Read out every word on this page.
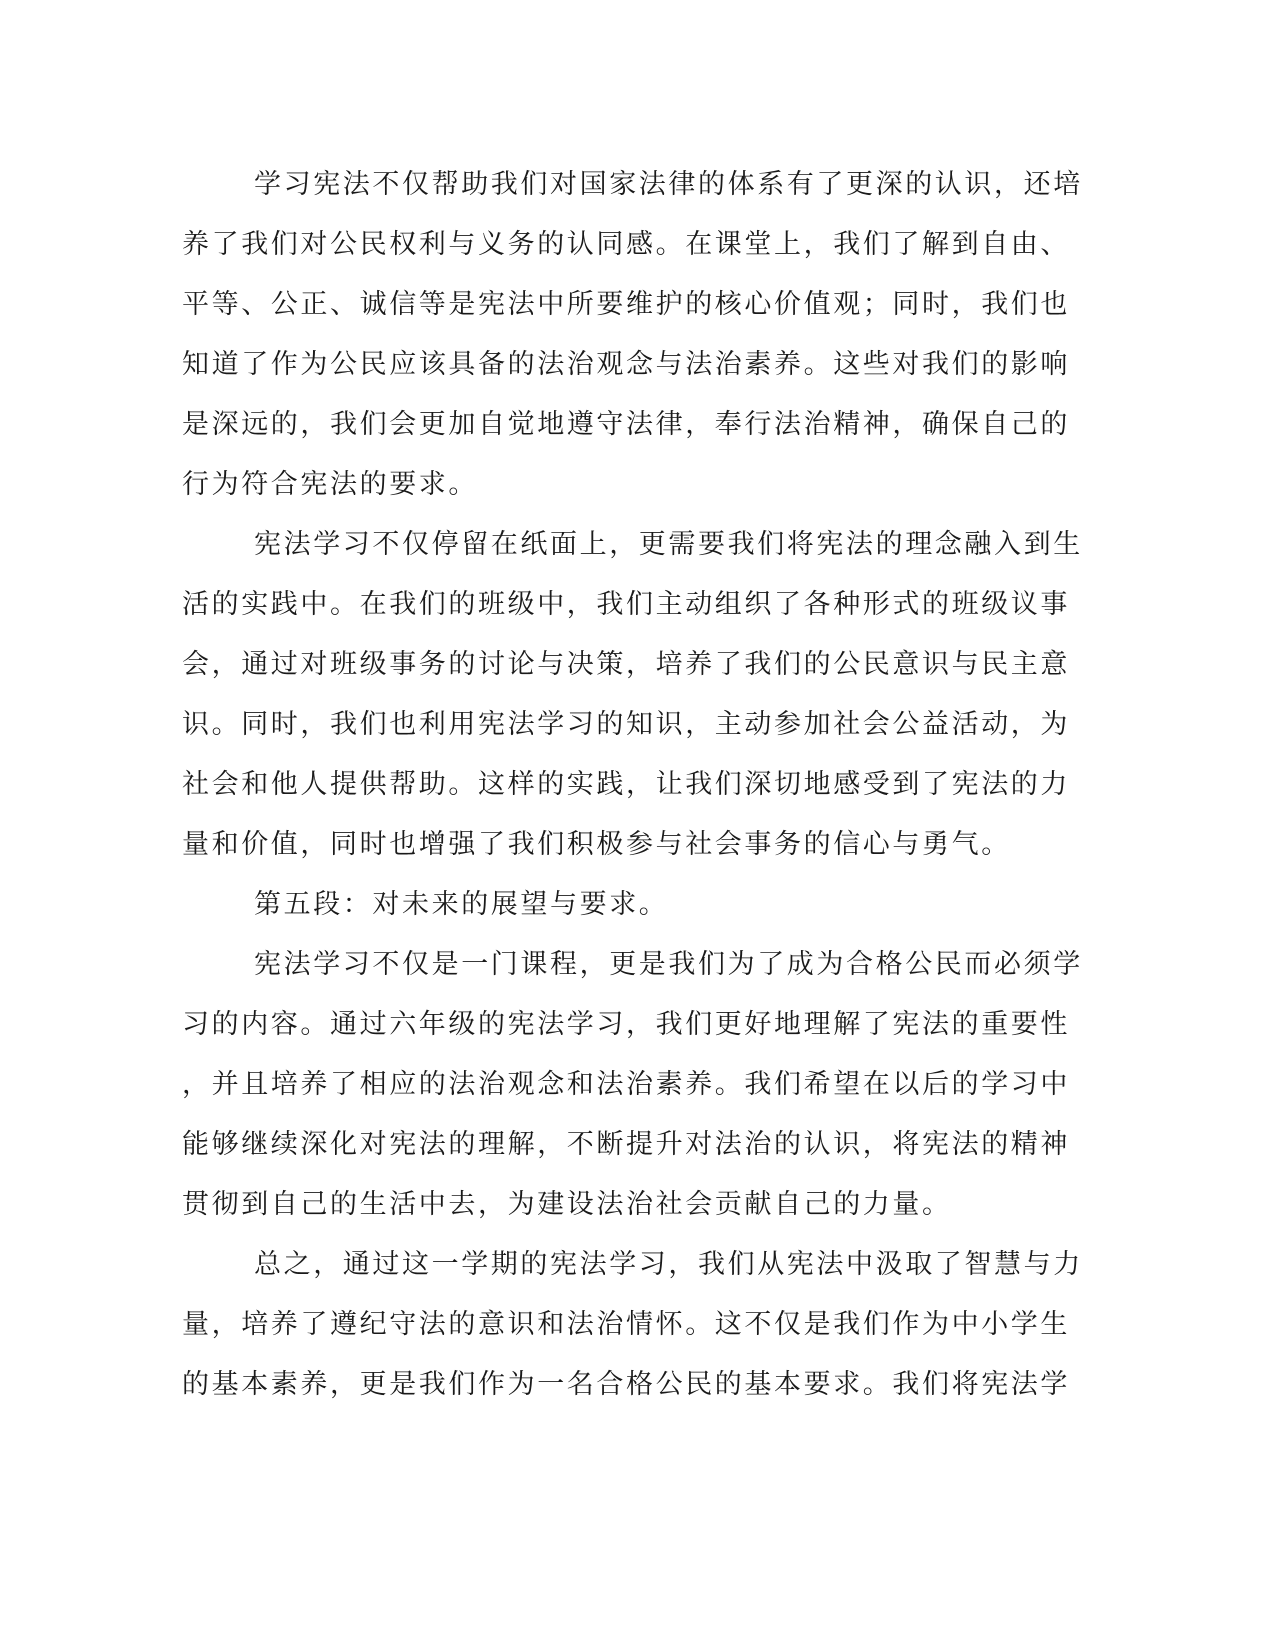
学习宪法不仅帮助我们对国家法律的体系有了更深的认识，还培
养了我们对公民权利与义务的认同感。在课堂上，我们了解到自由、
平等、公正、诚信等是宪法中所要维护的核心价值观；同时，我们也
知道了作为公民应该具备的法治观念与法治素养。这些对我们的影响
是深远的，我们会更加自觉地遵守法律，奉行法治精神，确保自己的
行为符合宪法的要求。
宪法学习不仅停留在纸面上，更需要我们将宪法的理念融入到生
活的实践中。在我们的班级中，我们主动组织了各种形式的班级议事
会，通过对班级事务的讨论与决策，培养了我们的公民意识与民主意
识。同时，我们也利用宪法学习的知识，主动参加社会公益活动，为
社会和他人提供帮助。这样的实践，让我们深切地感受到了宪法的力
量和价值，同时也增强了我们积极参与社会事务的信心与勇气。
第五段：对未来的展望与要求。
宪法学习不仅是一门课程，更是我们为了成为合格公民而必须学
习的内容。通过六年级的宪法学习，我们更好地理解了宪法的重要性
，并且培养了相应的法治观念和法治素养。我们希望在以后的学习中
能够继续深化对宪法的理解，不断提升对法治的认识，将宪法的精神
贯彻到自己的生活中去，为建设法治社会贡献自己的力量。
总之，通过这一学期的宪法学习，我们从宪法中汲取了智慧与力
量，培养了遵纪守法的意识和法治情怀。这不仅是我们作为中小学生
的基本素养，更是我们作为一名合格公民的基本要求。我们将宪法学
